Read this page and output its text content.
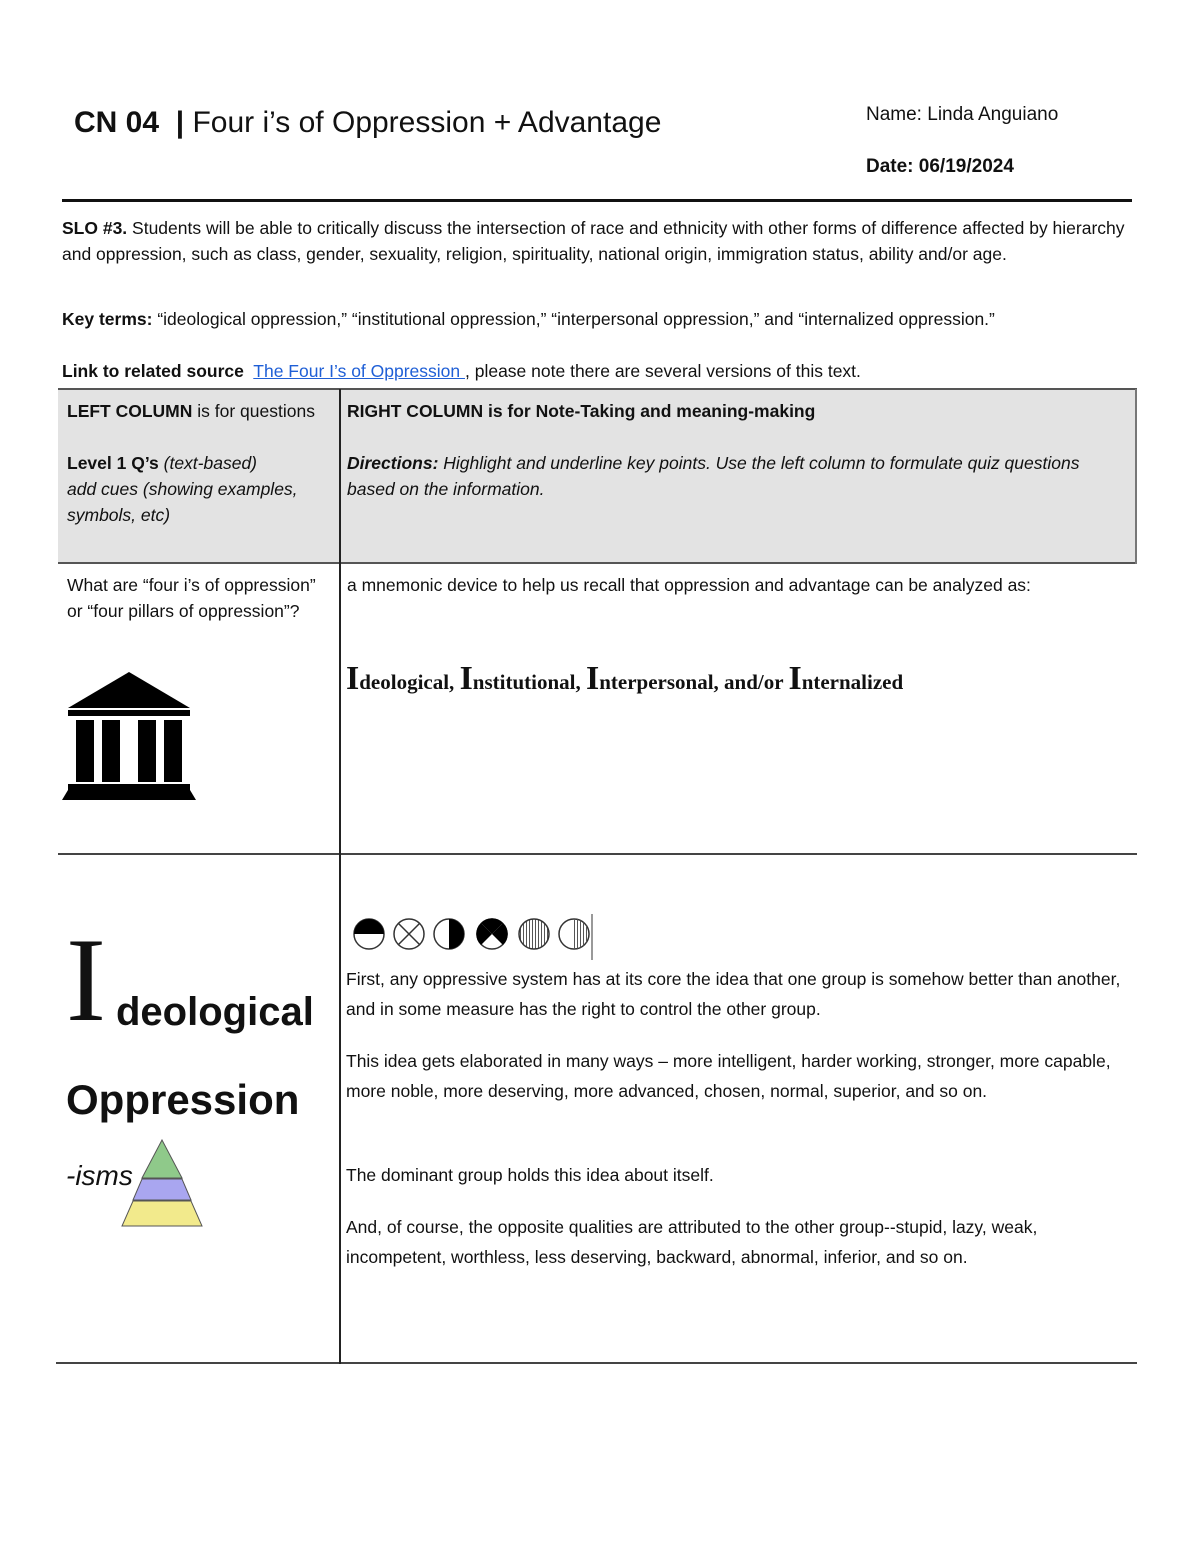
CN 04 | Four i’s of Oppression + Advantage	Name: Linda Anguiano
Date: 06/19/2024
SLO #3. Students will be able to critically discuss the intersection of race and ethnicity with other forms of difference affected by hierarchy and oppression, such as class, gender, sexuality, religion, spirituality, national origin, immigration status, ability and/or age.
Key terms: “ideological oppression,” “institutional oppression,” “interpersonal oppression,” and “internalized oppression.”
Link to related source The Four I’s of Oppression , please note there are several versions of this text.
LEFT COLUMN is for questions
Level 1 Q’s (text-based)
add cues (showing examples, symbols, etc)
RIGHT COLUMN is for Note-Taking and meaning-making
Directions: Highlight and underline key points. Use the left column to formulate quiz questions based on the information.
What are “four i’s of oppression” or “four pillars of oppression”?
a mnemonic device to help us recall that oppression and advantage can be analyzed as:
Ideological, Institutional, Interpersonal, and/or Internalized
I deological
Oppression
-isms
First, any oppressive system has at its core the idea that one group is somehow better than another, and in some measure has the right to control the other group.
This idea gets elaborated in many ways – more intelligent, harder working, stronger, more capable, more noble, more deserving, more advanced, chosen, normal, superior, and so on.
The dominant group holds this idea about itself.
And, of course, the opposite qualities are attributed to the other group--stupid, lazy, weak, incompetent, worthless, less deserving, backward, abnormal, inferior, and so on.
